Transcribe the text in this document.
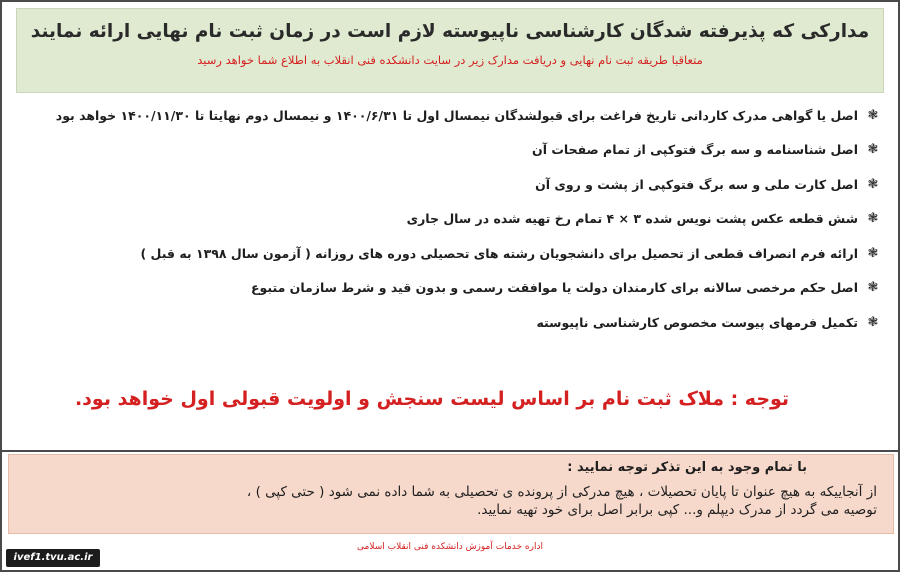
مدارکی که پذیرفته شدگان کارشناسی ناپیوسته لازم است در زمان ثبت نام نهایی ارائه نمایند
متعاقبا طریقه ثبت نام نهایی و دریافت مدارک زیر در سایت دانشکده فنی انقلاب به اطلاع شما خواهد رسید
❃
اصل یا گواهی مدرک کاردانی تاریخ فراغت برای قبولشدگان نیمسال اول تا ۱۴۰۰/۶/۳۱ و نیمسال دوم نهایتا تا ۱۴۰۰/۱۱/۳۰ خواهد بود
❃
اصل شناسنامه و سه برگ فتوکپی از تمام صفحات آن
❃
اصل کارت ملی و سه برگ فتوکپی از پشت و روی آن
❃
شش قطعه عکس پشت نویس شده ۳ × ۴ تمام رخ تهیه شده در سال جاری
❃
ارائه فرم انصراف قطعی از تحصیل برای دانشجویان رشته های تحصیلی دوره های روزانه ( آزمون سال ۱۳۹۸ به قبل )
❃
اصل حکم مرخصی سالانه برای کارمندان دولت یا موافقت رسمی و بدون قید و شرط سازمان متبوع
❃
تکمیل فرمهای پیوست مخصوص کارشناسی ناپیوسته
توجه : ملاک ثبت نام بر اساس لیست سنجش و اولویت قبولی اول خواهد بود.
با تمام وجود به این تذکر توجه نمایید :
از آنجاییکه به هیچ عنوان تا پایان تحصیلات ، هیچ مدرکی از پرونده ی تحصیلی به شما داده نمی شود ( حتی کپی ) ،
توصیه می گردد از مدرک دیپلم و... کپی برابر اصل برای خود تهیه نمایید.
اداره خدمات آموزش دانشکده فنی انقلاب اسلامی
ivef1.tvu.ac.ir
